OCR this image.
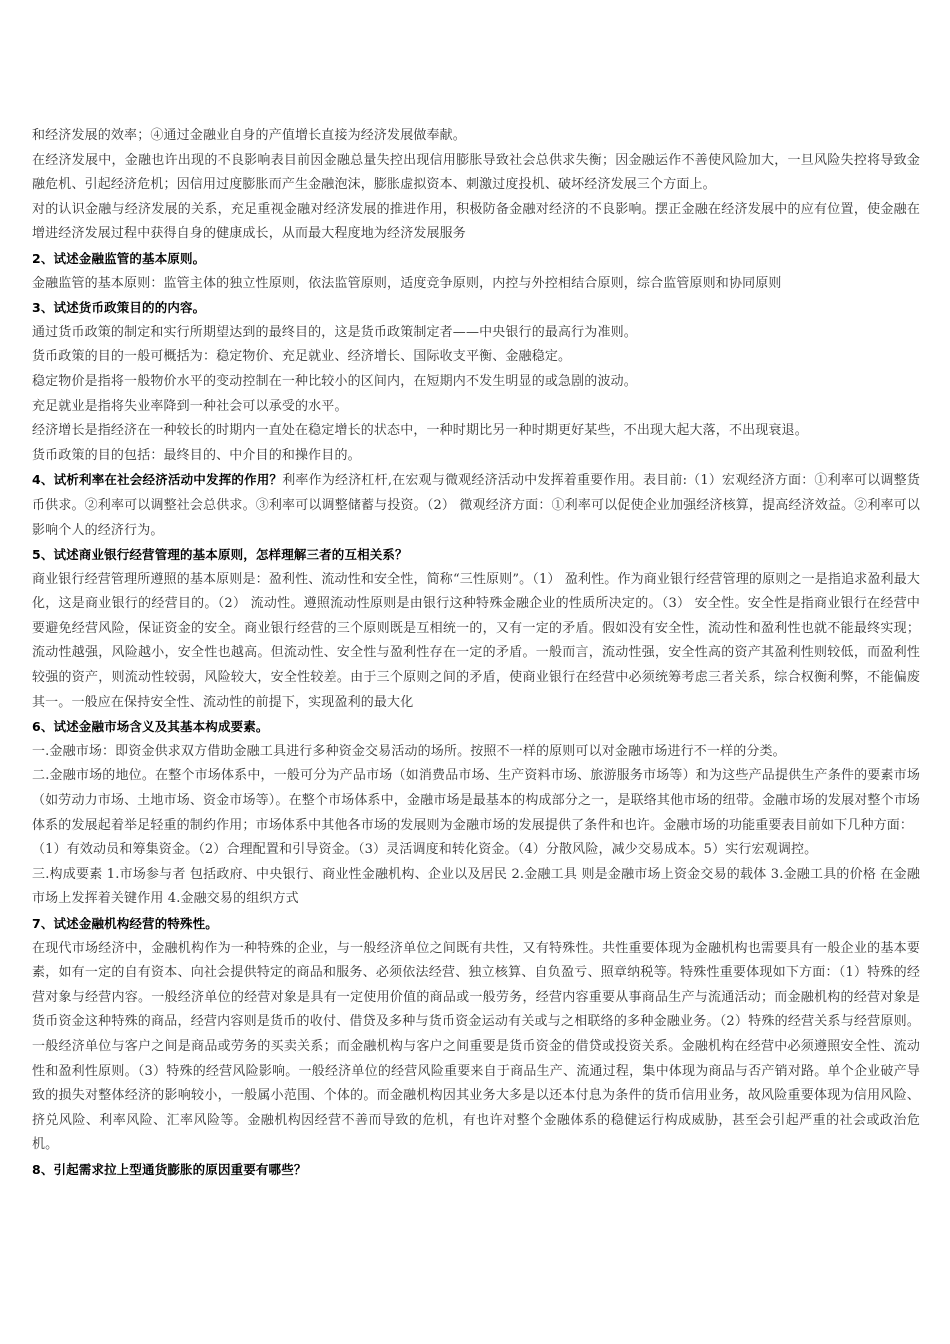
和经济发展的效率；④通过金融业自身的产值增长直接为经济发展做奉献。

在经济发展中，金融也许出现的不良影响表目前因金融总量失控出现信用膨胀导致社会总供求失衡；因金融运作不善使风险加大，一旦风险失控将导致金融危机、引起经济危机；因信用过度膨胀而产生金融泡沫，膨胀虚拟资本、刺激过度投机、破坏经济发展三个方面上。

对的认识金融与经济发展的关系，充足重视金融对经济发展的推进作用，积极防备金融对经济的不良影响。摆正金融在经济发展中的应有位置，使金融在增进经济发展过程中获得自身的健康成长，从而最大程度地为经济发展服务

2、试述金融监管的基本原则。

金融监管的基本原则：监管主体的独立性原则，依法监管原则，适度竞争原则，内控与外控相结合原则，综合监管原则和协同原则

3、试述货币政策目的的内容。

通过货币政策的制定和实行所期望达到的最终目的，这是货币政策制定者——中央银行的最高行为准则。

货币政策的目的一般可概括为：稳定物价、充足就业、经济增长、国际收支平衡、金融稳定。

稳定物价是指将一般物价水平的变动控制在一种比较小的区间内，在短期内不发生明显的或急剧的波动。

充足就业是指将失业率降到一种社会可以承受的水平。

经济增长是指经济在一种较长的时期内一直处在稳定增长的状态中，一种时期比另一种时期更好某些，不出现大起大落，不出现衰退。

货币政策的目的包括：最终目的、中介目的和操作目的。

4、试析利率在社会经济活动中发挥的作用？利率作为经济杠杆,在宏观与微观经济活动中发挥着重要作用。表目前:（1）宏观经济方面：①利率可以调整货币供求。②利率可以调整社会总供求。③利率可以调整储蓄与投资。（2） 微观经济方面：①利率可以促使企业加强经济核算，提高经济效益。②利率可以影响个人的经济行为。

5、试述商业银行经营管理的基本原则，怎样理解三者的互相关系？

商业银行经营管理所遵照的基本原则是：盈利性、流动性和安全性，简称“三性原则”。（1） 盈利性。作为商业银行经营管理的原则之一是指追求盈利最大化，这是商业银行的经营目的。（2） 流动性。遵照流动性原则是由银行这种特殊金融企业的性质所决定的。（3） 安全性。安全性是指商业银行在经营中要避免经营风险，保证资金的安全。商业银行经营的三个原则既是互相统一的，又有一定的矛盾。假如没有安全性，流动性和盈利性也就不能最终实现；流动性越强，风险越小，安全性也越高。但流动性、安全性与盈利性存在一定的矛盾。一般而言，流动性强，安全性高的资产其盈利性则较低，而盈利性较强的资产，则流动性较弱，风险较大，安全性较差。由于三个原则之间的矛盾，使商业银行在经营中必须统筹考虑三者关系，综合权衡利弊，不能偏废其一。一般应在保持安全性、流动性的前提下，实现盈利的最大化

6、试述金融市场含义及其基本构成要素。

一.金融市场：即资金供求双方借助金融工具进行多种资金交易活动的场所。按照不一样的原则可以对金融市场进行不一样的分类。

二.金融市场的地位。在整个市场体系中，一般可分为产品市场（如消费品市场、生产资料市场、旅游服务市场等）和为这些产品提供生产条件的要素市场（如劳动力市场、土地市场、资金市场等）。在整个市场体系中，金融市场是最基本的构成部分之一，是联络其他市场的纽带。金融市场的发展对整个市场体系的发展起着举足轻重的制约作用；市场体系中其他各市场的发展则为金融市场的发展提供了条件和也许。金融市场的功能重要表目前如下几种方面：

（1）有效动员和筹集资金。（2）合理配置和引导资金。（3）灵活调度和转化资金。（4）分散风险，减少交易成本。5）实行宏观调控。

三.构成要素 1.市场参与者 包括政府、中央银行、商业性金融机构、企业以及居民 2.金融工具 则是金融市场上资金交易的载体 3.金融工具的价格 在金融市场上发挥着关键作用 4.金融交易的组织方式

7、试述金融机构经营的特殊性。

在现代市场经济中，金融机构作为一种特殊的企业，与一般经济单位之间既有共性，又有特殊性。共性重要体现为金融机构也需要具有一般企业的基本要素，如有一定的自有资本、向社会提供特定的商品和服务、必须依法经营、独立核算、自负盈亏、照章纳税等。特殊性重要体现如下方面：（1）特殊的经营对象与经营内容。一般经济单位的经营对象是具有一定使用价值的商品或一般劳务，经营内容重要从事商品生产与流通活动；而金融机构的经营对象是货币资金这种特殊的商品，经营内容则是货币的收付、借贷及多种与货币资金运动有关或与之相联络的多种金融业务。（2）特殊的经营关系与经营原则。一般经济单位与客户之间是商品或劳务的买卖关系；而金融机构与客户之间重要是货币资金的借贷或投资关系。金融机构在经营中必须遵照安全性、流动性和盈利性原则。（3）特殊的经营风险影响。一般经济单位的经营风险重要来自于商品生产、流通过程，集中体现为商品与否产销对路。单个企业破产导致的损失对整体经济的影响较小，一般属小范围、个体的。而金融机构因其业务大多是以还本付息为条件的货币信用业务，故风险重要体现为信用风险、挤兑风险、利率风险、汇率风险等。金融机构因经营不善而导致的危机，有也许对整个金融体系的稳健运行构成威胁，甚至会引起严重的社会或政治危机。

8、引起需求拉上型通货膨胀的原因重要有哪些？
